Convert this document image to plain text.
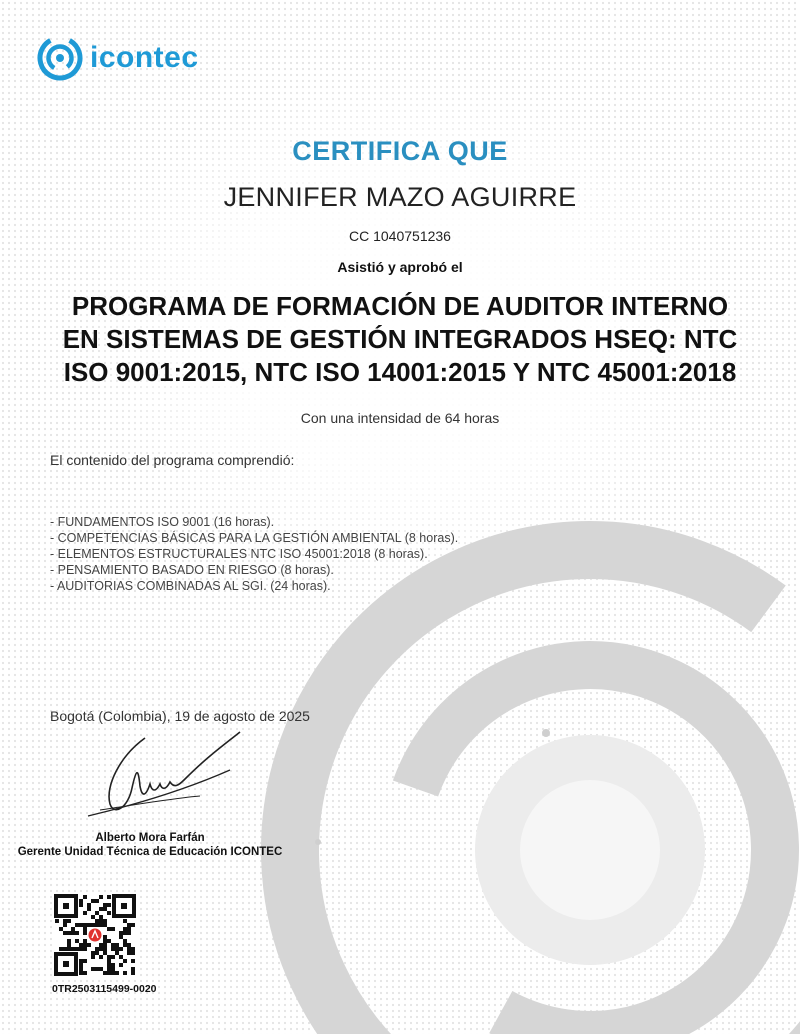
icontec
CERTIFICA QUE
JENNIFER MAZO AGUIRRE
CC 1040751236
Asistió y aprobó el
PROGRAMA DE FORMACIÓN DE AUDITOR INTERNO
EN SISTEMAS DE GESTIÓN INTEGRADOS HSEQ: NTC
ISO 9001:2015, NTC ISO 14001:2015 Y NTC 45001:2018
Con una intensidad de 64 horas
El contenido del programa comprendió:
- FUNDAMENTOS ISO 9001 (16 horas).
- COMPETENCIAS BÁSICAS PARA LA GESTIÓN AMBIENTAL (8 horas).
- ELEMENTOS ESTRUCTURALES NTC ISO 45001:2018 (8 horas).
- PENSAMIENTO BASADO EN RIESGO (8 horas).
- AUDITORIAS COMBINADAS AL SGI. (24 horas).
Bogotá (Colombia), 19 de agosto de 2025
Alberto Mora Farfán
Gerente Unidad Técnica de Educación ICONTEC
0TR2503115499-0020
